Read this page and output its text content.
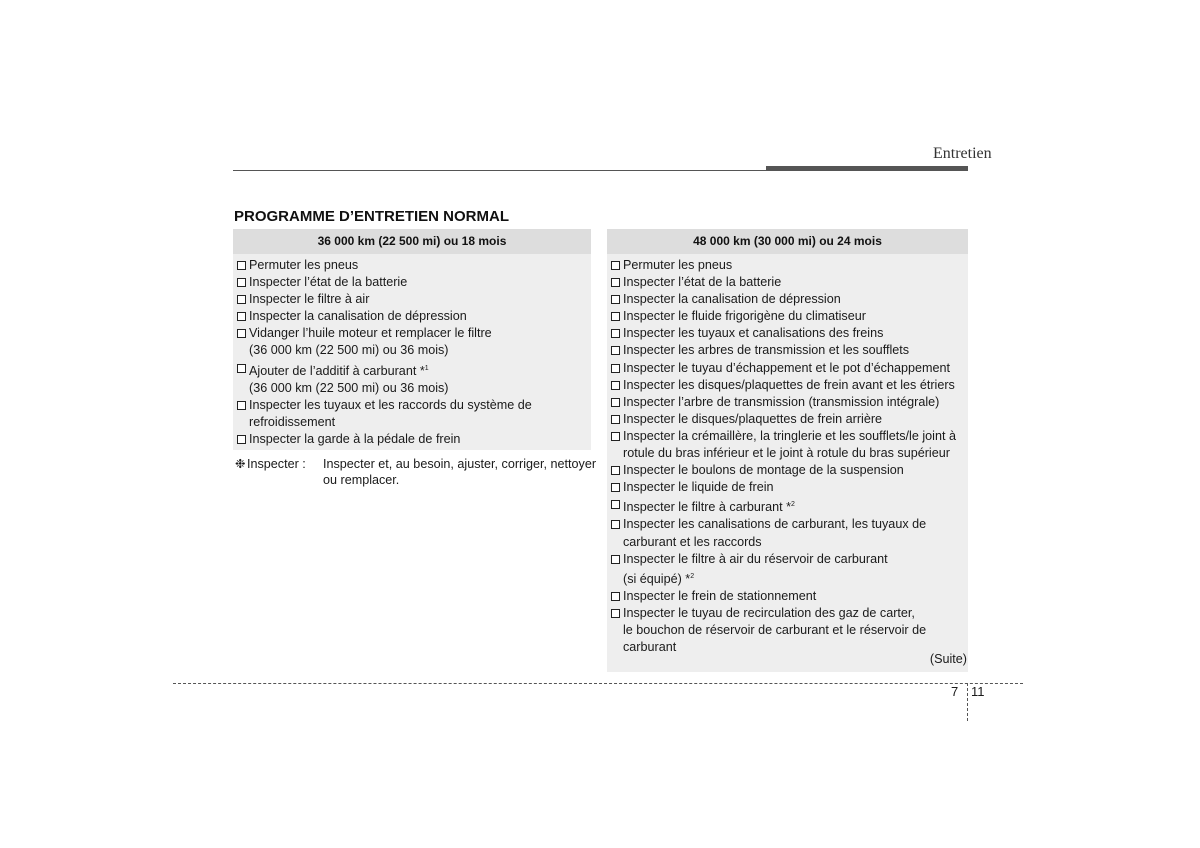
Entretien
PROGRAMME D’ENTRETIEN NORMAL
36 000 km (22 500 mi) ou 18 mois
Permuter les pneus
Inspecter l’état de la batterie
Inspecter le filtre à air
Inspecter la canalisation de dépression
Vidanger l’huile moteur et remplacer le filtre
(36 000 km (22 500 mi) ou 36 mois)
Ajouter de l’additif à carburant *$^1$
(36 000 km (22 500 mi) ou 36 mois)
Inspecter les tuyaux et les raccords du système de
refroidissement
Inspecter la garde à la pédale de frein
❉Inspecter : Inspecter et, au besoin, ajuster, corriger, nettoyer ou remplacer.
48 000 km (30 000 mi) ou 24 mois
Permuter les pneus
Inspecter l’état de la batterie
Inspecter la canalisation de dépression
Inspecter le fluide frigorigène du climatiseur
Inspecter les tuyaux et canalisations des freins
Inspecter les arbres de transmission et les soufflets
Inspecter le tuyau d’échappement et le pot d’échappement
Inspecter les disques/plaquettes de frein avant et les étriers
Inspecter l’arbre de transmission (transmission intégrale)
Inspecter le disques/plaquettes de frein arrière
Inspecter la crémaillère, la tringlerie et les soufflets/le joint à
rotule du bras inférieur et le joint à rotule du bras supérieur
Inspecter le boulons de montage de la suspension
Inspecter le liquide de frein
Inspecter le filtre à carburant *$^2$
Inspecter les canalisations de carburant, les tuyaux de
carburant et les raccords
Inspecter le filtre à air du réservoir de carburant
(si équipé) *$^2$
Inspecter le frein de stationnement
Inspecter le tuyau de recirculation des gaz de carter,
le bouchon de réservoir de carburant et le réservoir de
carburant
(Suite)
7 11
